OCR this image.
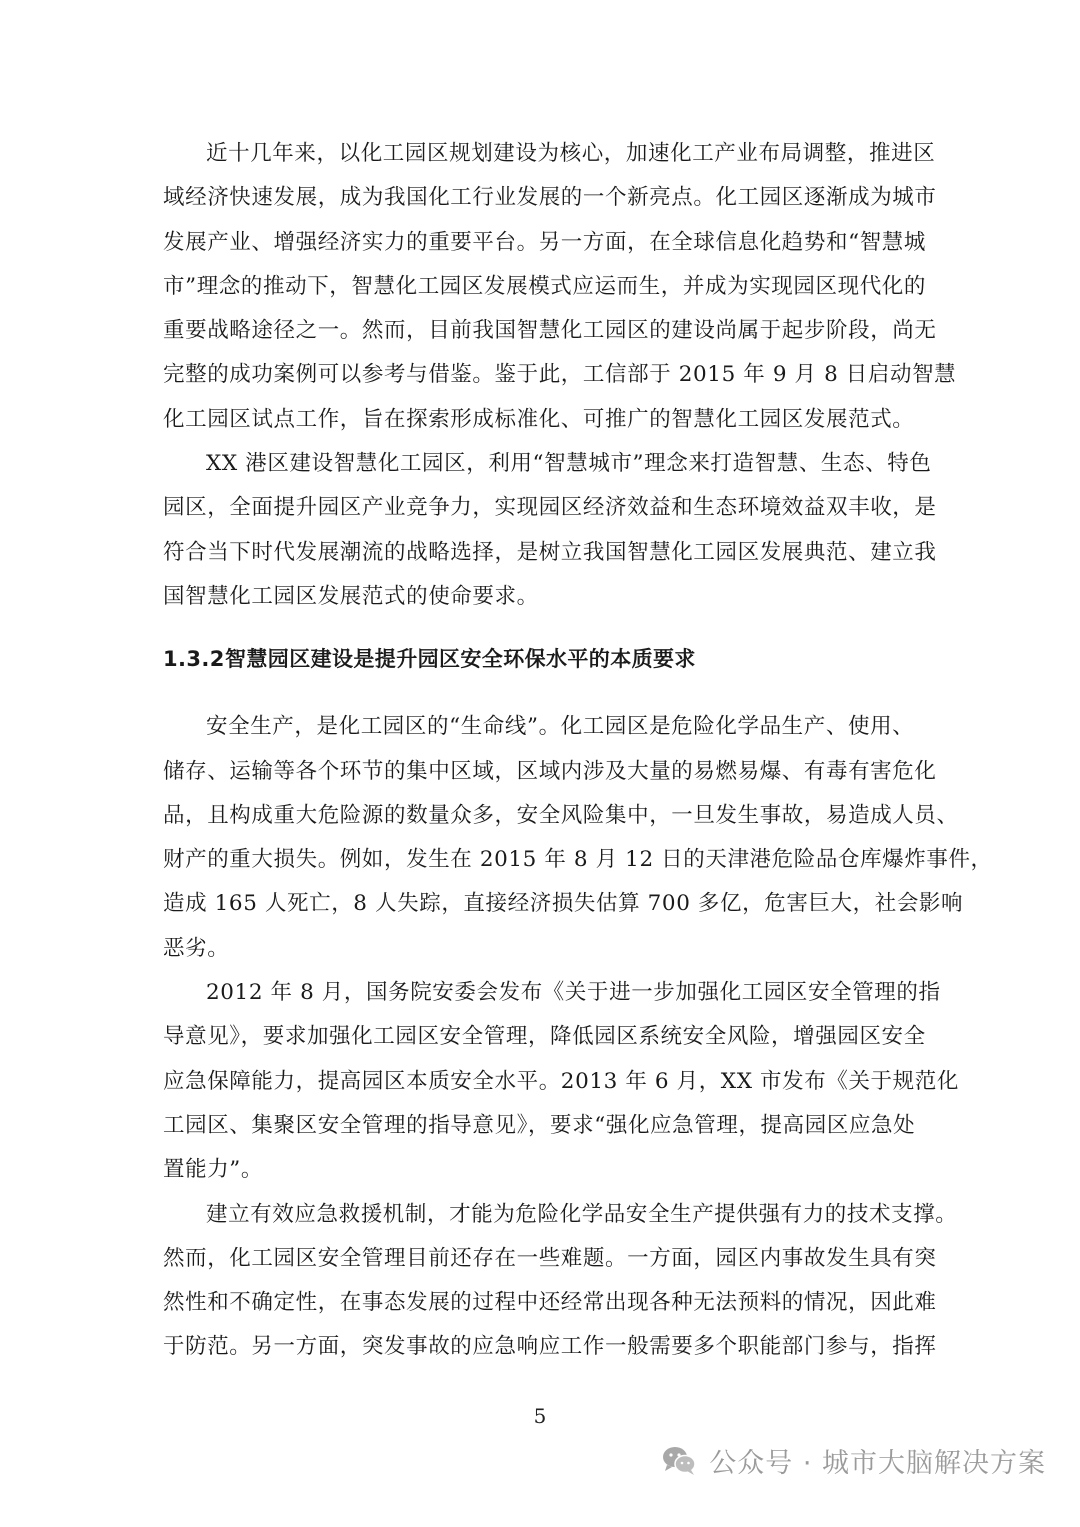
近十几年来，以化工园区规划建设为核心，加速化工产业布局调整，推进区
域经济快速发展，成为我国化工行业发展的一个新亮点。化工园区逐渐成为城市
发展产业、增强经济实力的重要平台。另一方面，在全球信息化趋势和“智慧城
市”理念的推动下，智慧化工园区发展模式应运而生，并成为实现园区现代化的
重要战略途径之一。然而，目前我国智慧化工园区的建设尚属于起步阶段，尚无
完整的成功案例可以参考与借鉴。鉴于此，工信部于 2015 年 9 月 8 日启动智慧
化工园区试点工作，旨在探索形成标准化、可推广的智慧化工园区发展范式。

XX 港区建设智慧化工园区，利用“智慧城市”理念来打造智慧、生态、特色
园区，全面提升园区产业竞争力，实现园区经济效益和生态环境效益双丰收，是
符合当下时代发展潮流的战略选择，是树立我国智慧化工园区发展典范、建立我
国智慧化工园区发展范式的使命要求。

1.3.2智慧园区建设是提升园区安全环保水平的本质要求

安全生产，是化工园区的“生命线”。化工园区是危险化学品生产、使用、
储存、运输等各个环节的集中区域，区域内涉及大量的易燃易爆、有毒有害危化
品，且构成重大危险源的数量众多，安全风险集中，一旦发生事故，易造成人员、
财产的重大损失。例如，发生在 2015 年 8 月 12 日的天津港危险品仓库爆炸事件，
造成 165 人死亡，8 人失踪，直接经济损失估算 700 多亿，危害巨大，社会影响
恶劣。

2012 年 8 月，国务院安委会发布《关于进一步加强化工园区安全管理的指
导意见》，要求加强化工园区安全管理，降低园区系统安全风险，增强园区安全
应急保障能力，提高园区本质安全水平。2013 年 6 月，XX 市发布《关于规范化
工园区、集聚区安全管理的指导意见》，要求“强化应急管理，提高园区应急处
置能力”。

建立有效应急救援机制，才能为危险化学品安全生产提供强有力的技术支撑。
然而，化工园区安全管理目前还存在一些难题。一方面，园区内事故发生具有突
然性和不确定性，在事态发展的过程中还经常出现各种无法预料的情况，因此难
于防范。另一方面，突发事故的应急响应工作一般需要多个职能部门参与，指挥

5
公众号 · 城市大脑解决方案
